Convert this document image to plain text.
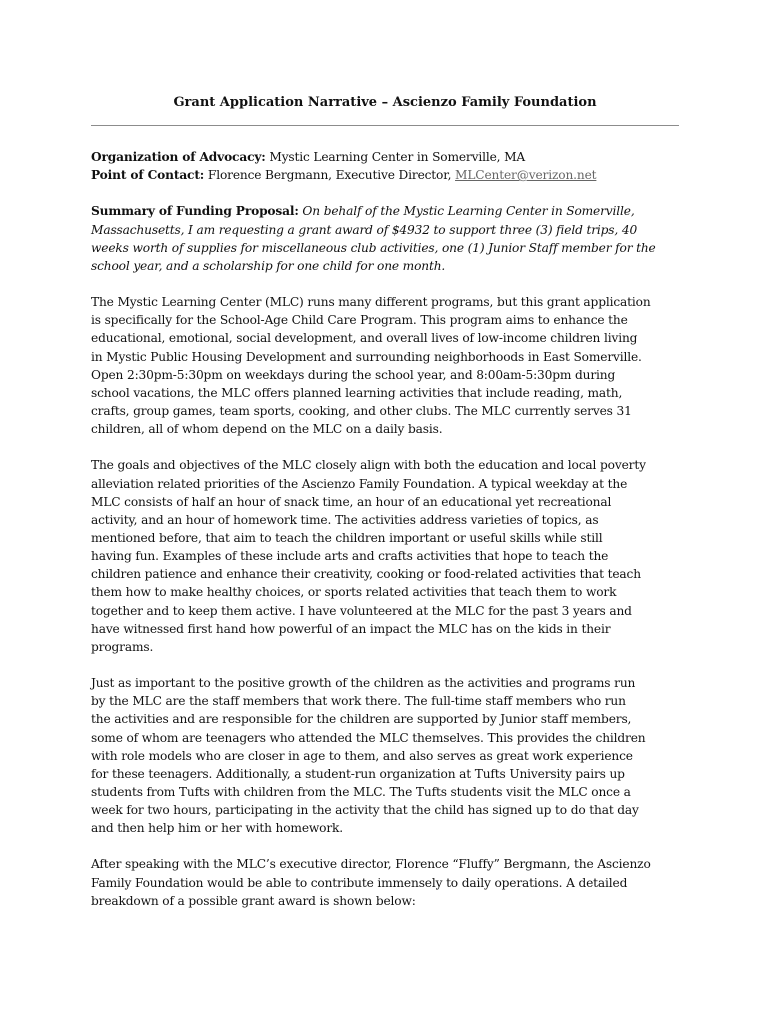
Grant Application Narrative – Ascienzo Family Foundation
Organization of Advocacy: Mystic Learning Center in Somerville, MA
Point of Contact: Florence Bergmann, Executive Director, MLCenter@verizon.net
Summary of Funding Proposal: On behalf of the Mystic Learning Center in Somerville,
Massachusetts, I am requesting a grant award of $4932 to support three (3) field trips, 40
weeks worth of supplies for miscellaneous club activities, one (1) Junior Staff member for the
school year, and a scholarship for one child for one month.
The Mystic Learning Center (MLC) runs many different programs, but this grant application
is specifically for the School-Age Child Care Program. This program aims to enhance the
educational, emotional, social development, and overall lives of low-income children living
in Mystic Public Housing Development and surrounding neighborhoods in East Somerville.
Open 2:30pm-5:30pm on weekdays during the school year, and 8:00am-5:30pm during
school vacations, the MLC offers planned learning activities that include reading, math,
crafts, group games, team sports, cooking, and other clubs. The MLC currently serves 31
children, all of whom depend on the MLC on a daily basis.
The goals and objectives of the MLC closely align with both the education and local poverty
alleviation related priorities of the Ascienzo Family Foundation. A typical weekday at the
MLC consists of half an hour of snack time, an hour of an educational yet recreational
activity, and an hour of homework time. The activities address varieties of topics, as
mentioned before, that aim to teach the children important or useful skills while still
having fun. Examples of these include arts and crafts activities that hope to teach the
children patience and enhance their creativity, cooking or food-related activities that teach
them how to make healthy choices, or sports related activities that teach them to work
together and to keep them active. I have volunteered at the MLC for the past 3 years and
have witnessed first hand how powerful of an impact the MLC has on the kids in their
programs.
Just as important to the positive growth of the children as the activities and programs run
by the MLC are the staff members that work there. The full-time staff members who run
the activities and are responsible for the children are supported by Junior staff members,
some of whom are teenagers who attended the MLC themselves. This provides the children
with role models who are closer in age to them, and also serves as great work experience
for these teenagers. Additionally, a student-run organization at Tufts University pairs up
students from Tufts with children from the MLC. The Tufts students visit the MLC once a
week for two hours, participating in the activity that the child has signed up to do that day
and then help him or her with homework.
After speaking with the MLC’s executive director, Florence “Fluffy” Bergmann, the Ascienzo
Family Foundation would be able to contribute immensely to daily operations. A detailed
breakdown of a possible grant award is shown below:
